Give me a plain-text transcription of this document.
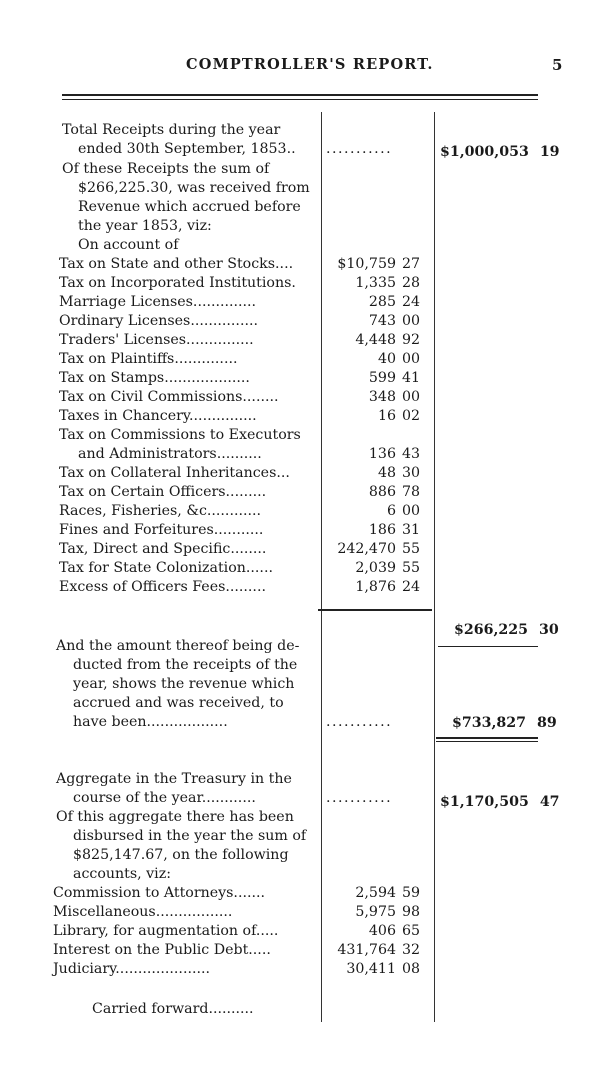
COMPTROLLER'S REPORT.	5
Total Receipts during the year
ended 30th September, 1853.. ...........	$1,000,053 19
Of these Receipts the sum of
$266,225.30, was received from
Revenue which accrued before
the year 1853, viz:
On account of
Tax on State and other Stocks....	$10,759 27
Tax on Incorporated Institutions.	1,335 28
Marriage Licenses..............	285 24
Ordinary Licenses...............	743 00
Traders' Licenses...............	4,448 92
Tax on Plaintiffs..............	40 00
Tax on Stamps...................	599 41
Tax on Civil Commissions........	348 00
Taxes in Chancery...............	16 02
Tax on Commissions to Executors
and Administrators..........	136 43
Tax on Collateral Inheritances...	48 30
Tax on Certain Officers.........	886 78
Races, Fisheries, &c............	6 00
Fines and Forfeitures...........	186 31
Tax, Direct and Specific........	242,470 55
Tax for State Colonization......	2,039 55
Excess of Officers Fees.........	1,876 24
$266,225 30
And the amount thereof being de-
ducted from the receipts of the
year, shows the revenue which
accrued and was received, to
have been..................	...........	$733,827 89
Aggregate in the Treasury in the
course of the year............	...........	$1,170,505 47
Of this aggregate there has been
disbursed in the year the sum of
$825,147.67, on the following
accounts, viz:
Commission to Attorneys.......	2,594 59
Miscellaneous.................	5,975 98
Library, for augmentation of.....	406 65
Interest on the Public Debt.....	431,764 32
Judiciary.....................	30,411 08
Carried forward..........
